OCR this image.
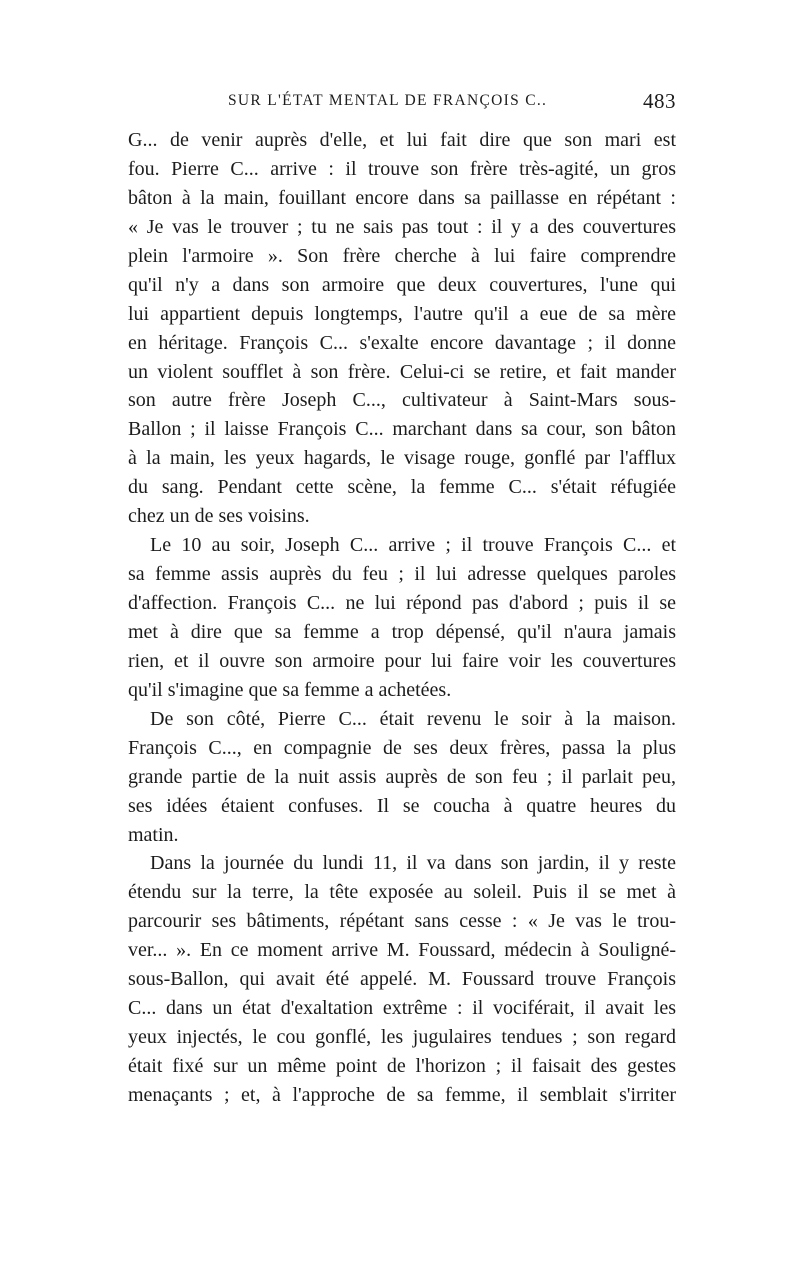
SUR L'ÉTAT MENTAL DE FRANÇOIS C..	483
G... de venir auprès d'elle, et lui fait dire que son mari est
fou. Pierre C... arrive : il trouve son frère très-agité, un gros
bâton à la main, fouillant encore dans sa paillasse en répétant :
« Je vas le trouver ; tu ne sais pas tout : il y a des couvertures
plein l'armoire ». Son frère cherche à lui faire comprendre
qu'il n'y a dans son armoire que deux couvertures, l'une qui
lui appartient depuis longtemps, l'autre qu'il a eue de sa mère
en héritage. François C... s'exalte encore davantage ; il donne
un violent soufflet à son frère. Celui-ci se retire, et fait mander
son autre frère Joseph C..., cultivateur à Saint-Mars sous-
Ballon ; il laisse François C... marchant dans sa cour, son bâton
à la main, les yeux hagards, le visage rouge, gonflé par l'afflux
du sang. Pendant cette scène, la femme C... s'était réfugiée
chez un de ses voisins.
Le 10 au soir, Joseph C... arrive ; il trouve François C... et
sa femme assis auprès du feu ; il lui adresse quelques paroles
d'affection. François C... ne lui répond pas d'abord ; puis il se
met à dire que sa femme a trop dépensé, qu'il n'aura jamais
rien, et il ouvre son armoire pour lui faire voir les couvertures
qu'il s'imagine que sa femme a achetées.
De son côté, Pierre C... était revenu le soir à la maison.
François C..., en compagnie de ses deux frères, passa la plus
grande partie de la nuit assis auprès de son feu ; il parlait peu,
ses idées étaient confuses. Il se coucha à quatre heures du
matin.
Dans la journée du lundi 11, il va dans son jardin, il y reste
étendu sur la terre, la tête exposée au soleil. Puis il se met à
parcourir ses bâtiments, répétant sans cesse : « Je vas le trou-
ver... ». En ce moment arrive M. Foussard, médecin à Souligné-
sous-Ballon, qui avait été appelé. M. Foussard trouve François
C... dans un état d'exaltation extrême : il vociférait, il avait les
yeux injectés, le cou gonflé, les jugulaires tendues ; son regard
était fixé sur un même point de l'horizon ; il faisait des gestes
menaçants ; et, à l'approche de sa femme, il semblait s'irriter
